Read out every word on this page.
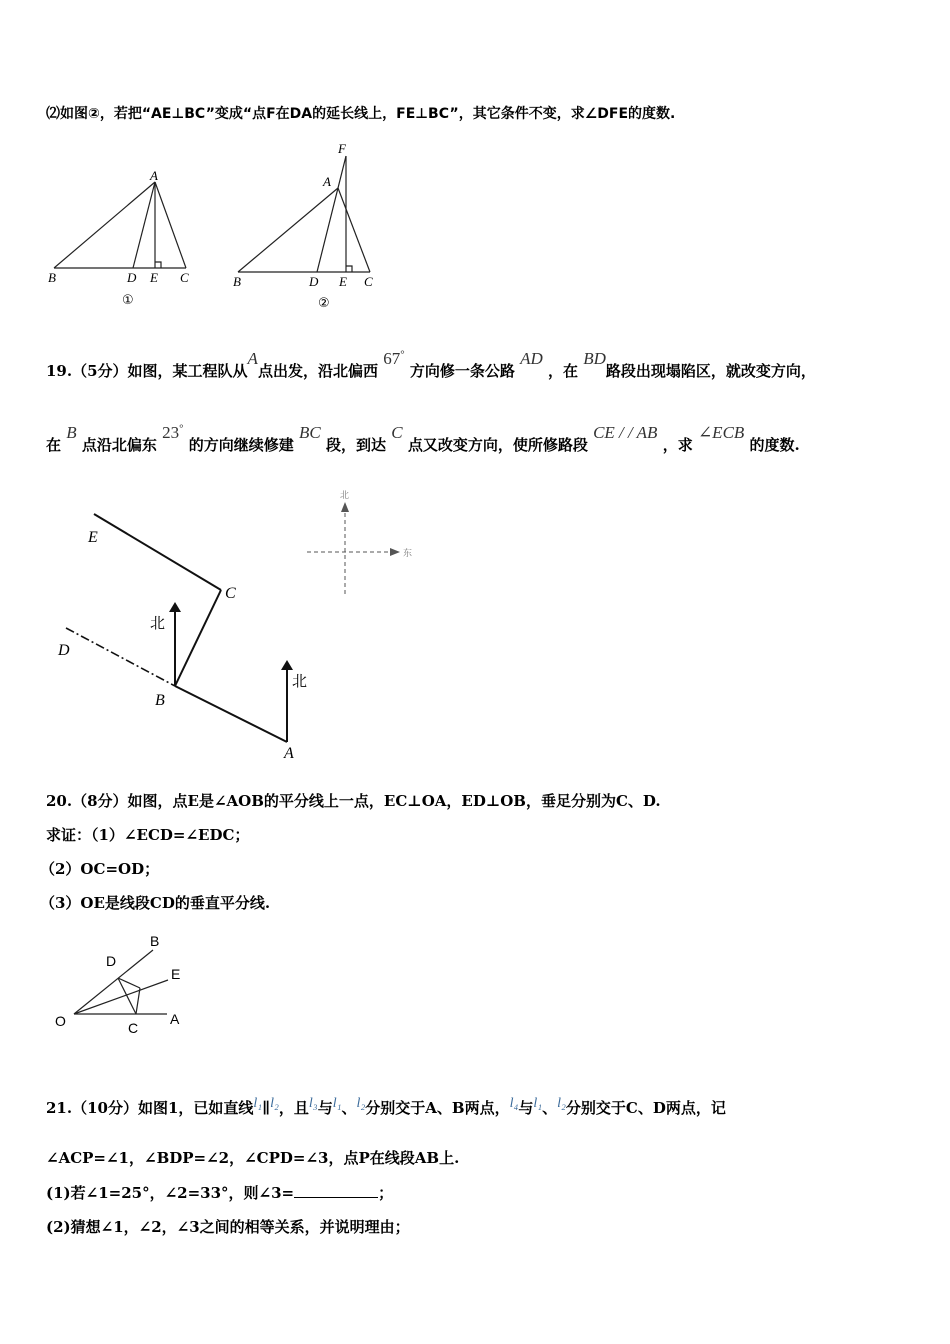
⑵如图②，若把“AE⊥BC”变成“点F在DA的延长线上，FE⊥BC”，其它条件不变，求∠DFE的度数.
A
B	D E C
①
F
A
B	D E C
②
19.（5分）如图，某工程队从A点出发，沿北偏西 67° 方向修一条公路 AD ，在 BD路段出现塌陷区，就改变方向，
在 B 点沿北偏东 23° 的方向继续修建 BC 段，到达 C 点又改变方向，使所修路段 CE / / AB ，求 ∠ECB 的度数.
E
C
D
B
A
北
北
北
东
20.（8分）如图，点E是∠AOB的平分线上一点，EC⊥OA，ED⊥OB，垂足分别为C、D.
求证：（1）∠ECD=∠EDC；
（2）OC=OD；
（3）OE是线段CD的垂直平分线.
B
D
E
O	C
A
21.（10分）如图1，已如直线l₁∥l₂，且l₃与l₁、l₂分别交于A、B两点，l₄与l₁、l₂分别交于C、D两点，记
∠ACP=∠1，∠BDP=∠2，∠CPD=∠3，点P在线段AB上.
(1)若∠1=25°，∠2=33°，则∠3=	；
(2)猜想∠1，∠2，∠3之间的相等关系，并说明理由；
